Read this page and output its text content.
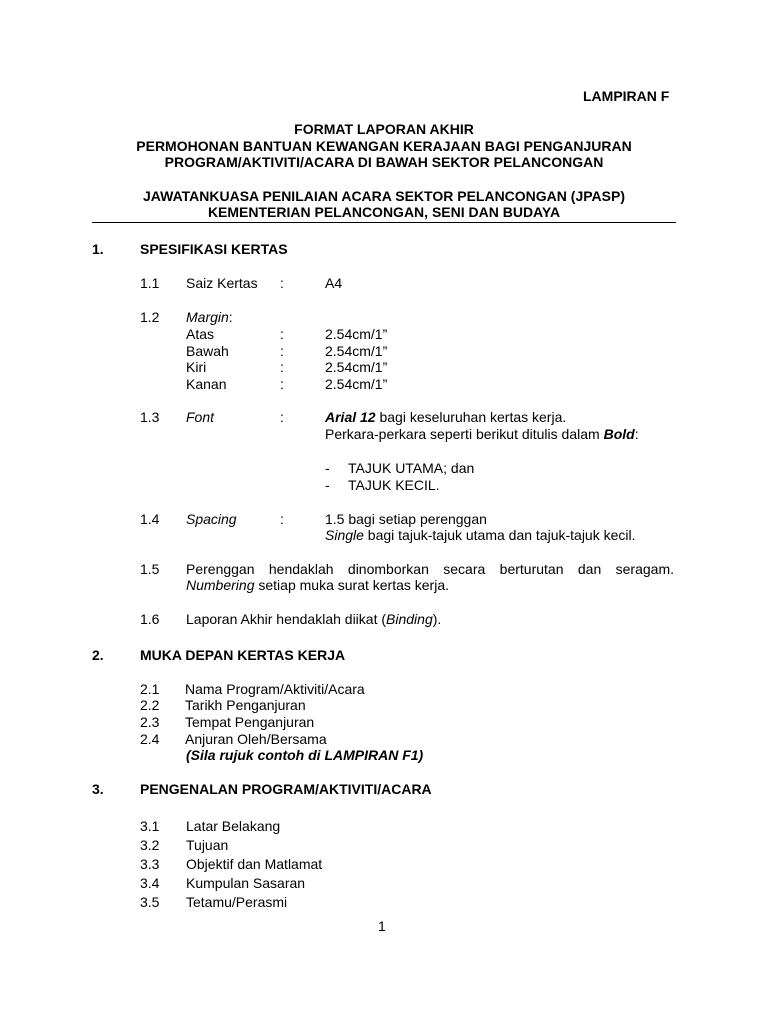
LAMPIRAN F
FORMAT LAPORAN AKHIR
PERMOHONAN BANTUAN KEWANGAN KERAJAAN BAGI PENGANJURAN
PROGRAM/AKTIVITI/ACARA DI BAWAH SEKTOR PELANCONGAN
JAWATANKUASA PENILAIAN ACARA SEKTOR PELANCONGAN (JPASP)
KEMENTERIAN PELANCONGAN, SENI DAN BUDAYA
1.	SPESIFIKASI KERTAS
1.1 Saiz Kertas :	A4
1.2 Margin:
Atas	:	2.54cm/1”
Bawah	:	2.54cm/1”
Kiri	:	2.54cm/1”
Kanan	:	2.54cm/1”
1.3 Font	:	Arial 12 bagi keseluruhan kertas kerja.
Perkara-perkara seperti berikut ditulis dalam Bold:
- TAJUK UTAMA; dan
- TAJUK KECIL.
1.4 Spacing	:	1.5 bagi setiap perenggan
Single bagi tajuk-tajuk utama dan tajuk-tajuk kecil.
1.5 Perenggan hendaklah dinomborkan secara berturutan dan seragam.
Numbering setiap muka surat kertas kerja.
1.6 Laporan Akhir hendaklah diikat (Binding).
2.	MUKA DEPAN KERTAS KERJA
2.1 Nama Program/Aktiviti/Acara
2.2 Tarikh Penganjuran
2.3 Tempat Penganjuran
2.4 Anjuran Oleh/Bersama
(Sila rujuk contoh di LAMPIRAN F1)
3.	PENGENALAN PROGRAM/AKTIVITI/ACARA
3.1 Latar Belakang
3.2 Tujuan
3.3 Objektif dan Matlamat
3.4 Kumpulan Sasaran
3.5 Tetamu/Perasmi
1
